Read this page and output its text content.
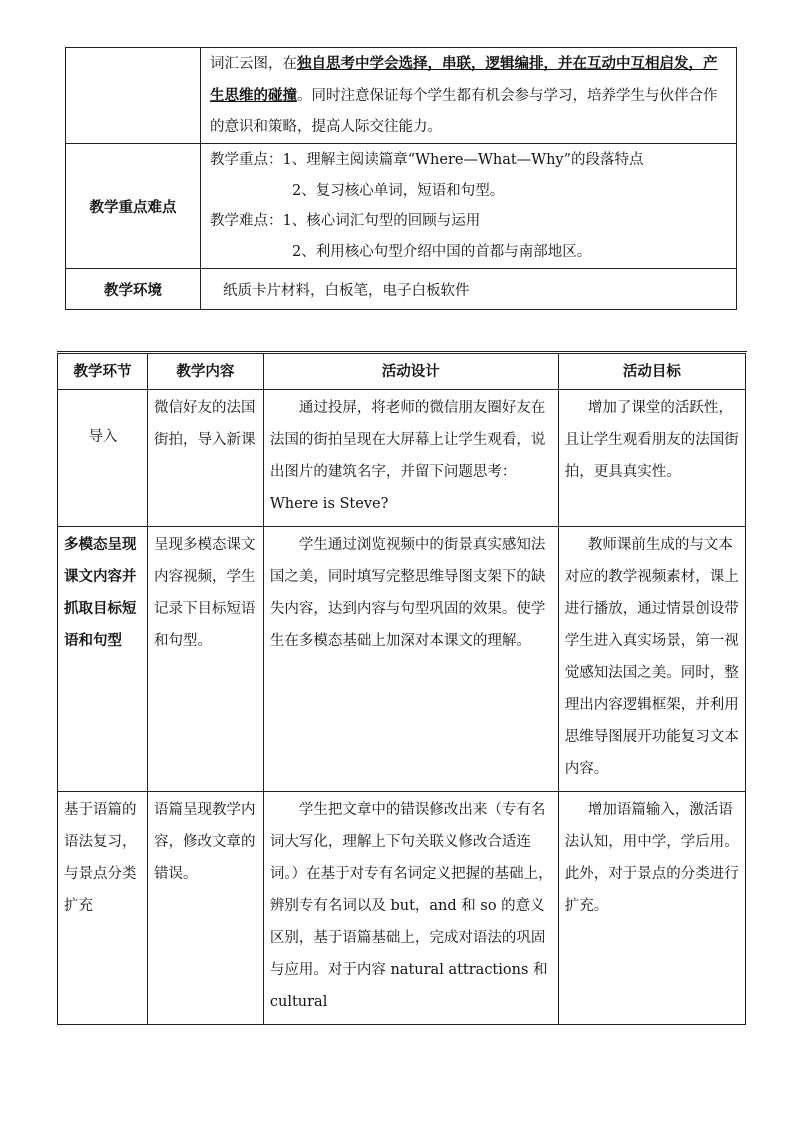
	词汇云图，在独自思考中学会选择，串联，逻辑编排，并在互动中互相启发，产生思维的碰撞。同时注意保证每个学生都有机会参与学习，培养学生与伙伴合作的意识和策略，提高人际交往能力。
教学重点难点	教学重点：1、理解主阅读篇章“Where—What—Why”的段落特点
2、复习核心单词，短语和句型。
教学难点：1、核心词汇句型的回顾与运用
2、利用核心句型介绍中国的首都与南部地区。

教学环境	纸质卡片材料，白板笔，电子白板软件
教学环节	教学内容	活动设计	活动目标
导入	微信好友的法国街拍，导入新课	通过投屏，将老师的微信朋友圈好友在法国的街拍呈现在大屏幕上让学生观看，说出图片的建筑名字，并留下问题思考：Where is Steve?	增加了课堂的活跃性，且让学生观看朋友的法国街拍，更具真实性。
多模态呈现课文内容并抓取目标短语和句型	呈现多模态课文内容视频，学生记录下目标短语和句型。	学生通过浏览视频中的街景真实感知法国之美，同时填写完整思维导图支架下的缺失内容，达到内容与句型巩固的效果。使学生在多模态基础上加深对本课文的理解。	教师课前生成的与文本对应的教学视频素材，课上进行播放，通过情景创设带学生进入真实场景，第一视觉感知法国之美。同时，整理出内容逻辑框架，并利用思维导图展开功能复习文本内容。
基于语篇的语法复习，与景点分类扩充	语篇呈现教学内容，修改文章的错误。	学生把文章中的错误修改出来（专有名词大写化，理解上下句关联义修改合适连词。）在基于对专有名词定义把握的基础上，辨别专有名词以及 but，and 和 so 的意义区别，基于语篇基础上，完成对语法的巩固与应用。对于内容 natural attractions 和 cultural	增加语篇输入，激活语法认知，用中学，学后用。此外，对于景点的分类进行扩充。
